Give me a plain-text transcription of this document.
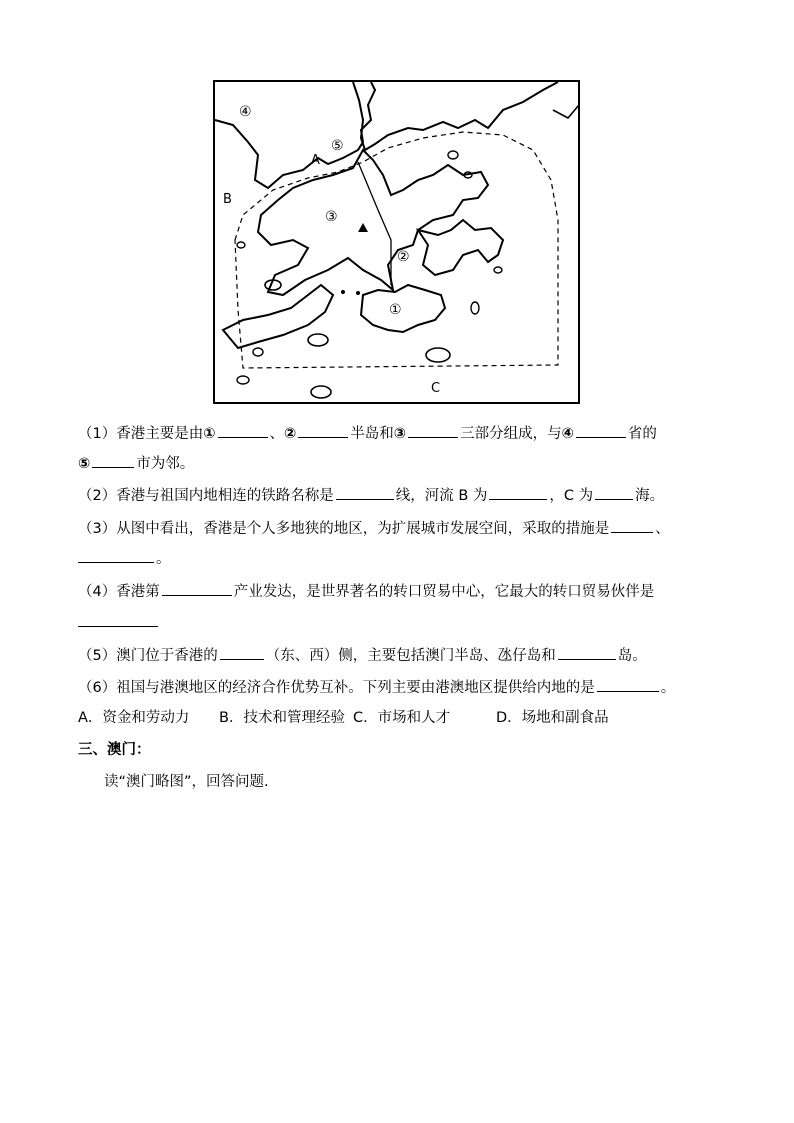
④
⑤
A
B
③
②
①
C
（1）香港主要是由①	、②	半岛和③	三部分组成，与④	省的
⑤	市为邻。
（2）香港与祖国内地相连的铁路名称是	线，河流 B 为	，C 为	海。
（3）从图中看出，香港是个人多地狭的地区，为扩展城市发展空间，采取的措施是	、
。
（4）香港第	产业发达，是世界著名的转口贸易中心，它最大的转口贸易伙伴是
（5）澳门位于香港的	（东、西）侧，主要包括澳门半岛、氹仔岛和	岛。
（6）祖国与港澳地区的经济合作优势互补。下列主要由港澳地区提供给内地的是	。
A．资金和劳动力 B．技术和管理经验 C．市场和人才	D．场地和副食品
三、澳门：
读“澳门略图”，回答问题.
